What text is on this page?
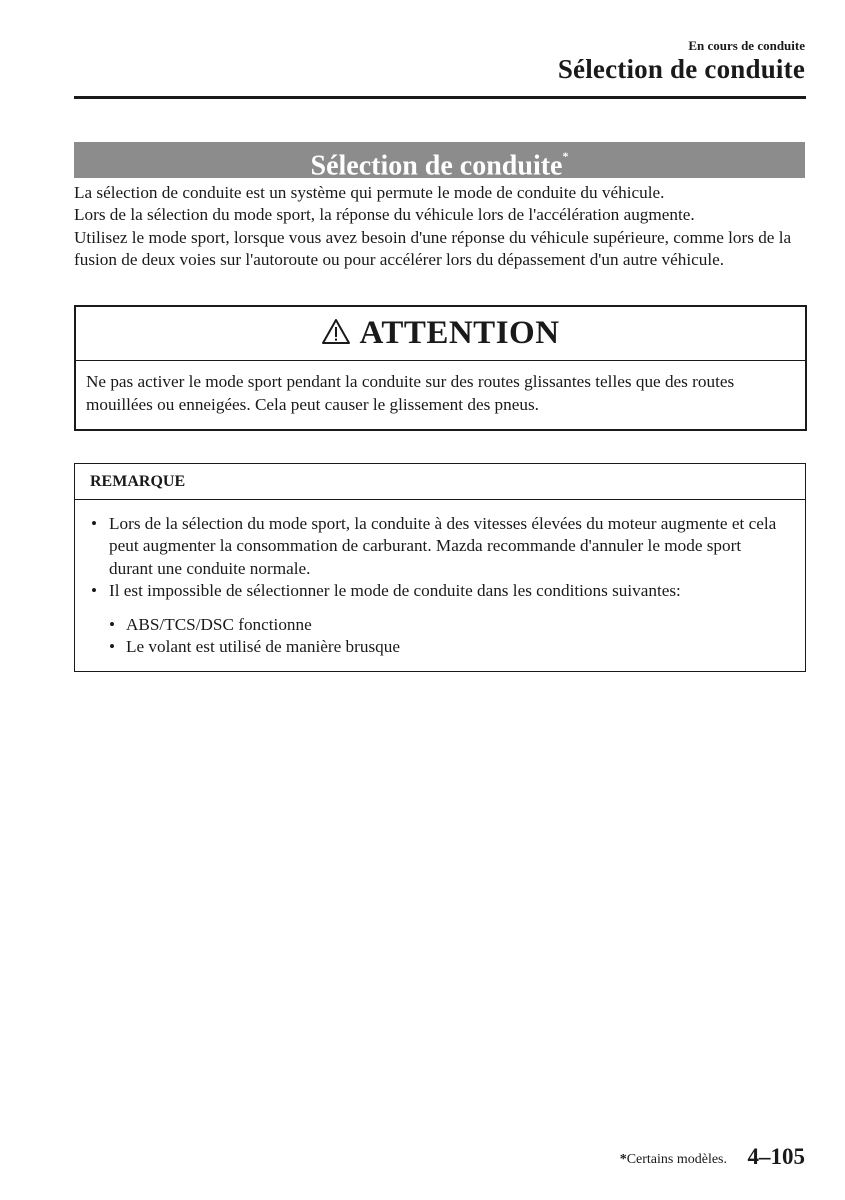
En cours de conduite
Sélection de conduite
Sélection de conduite*

La sélection de conduite est un système qui permute le mode de conduite du véhicule.

Lors de la sélection du mode sport, la réponse du véhicule lors de l'accélération augmente.

Utilisez le mode sport, lorsque vous avez besoin d'une réponse du véhicule supérieure, comme lors de la fusion de deux voies sur l'autoroute ou pour accélérer lors du dépassement d'un autre véhicule.

ATTENTION
Ne pas activer le mode sport pendant la conduite sur des routes glissantes telles que des routes mouillées ou enneigées. Cela peut causer le glissement des pneus.
REMARQUE
• Lors de la sélection du mode sport, la conduite à des vitesses élevées du moteur augmente et cela peut augmenter la consommation de carburant. Mazda recommande d'annuler le mode sport durant une conduite normale.
• Il est impossible de sélectionner le mode de conduite dans les conditions suivantes:
• ABS/TCS/DSC fonctionne
• Le volant est utilisé de manière brusque
*Certains modèles. 4–105
